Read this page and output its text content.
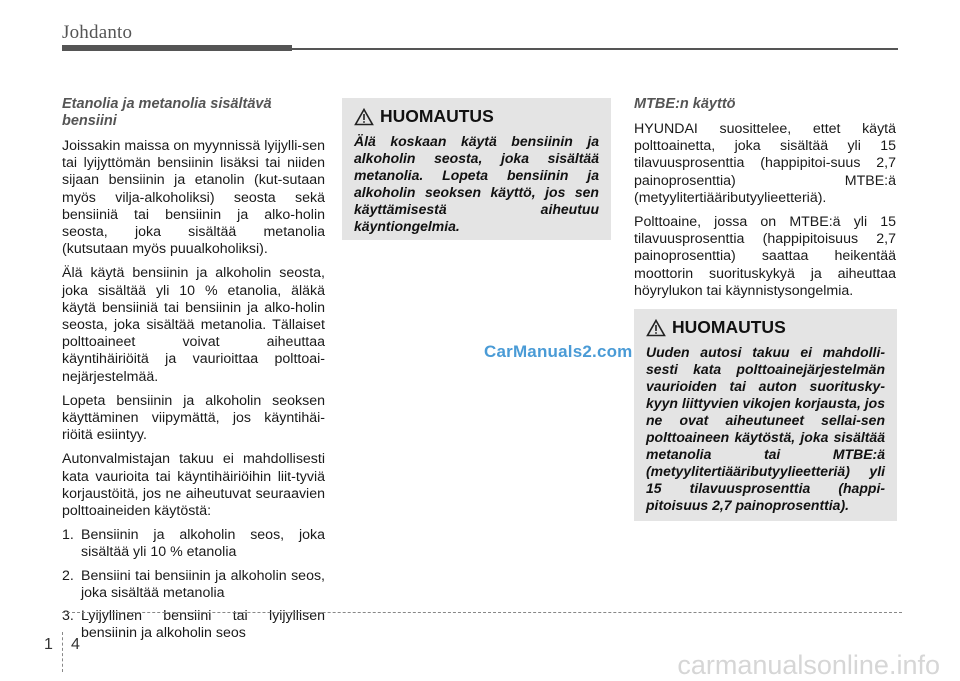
Johdanto
Etanolia ja metanolia sisältävä bensiini

Joissakin maissa on myynnissä lyijylli-sen tai lyijyttömän bensiinin lisäksi tai niiden sijaan bensiinin ja etanolin (kut-sutaan myös vilja-alkoholiksi) seosta sekä bensiiniä tai bensiinin ja alko-holin seosta, joka sisältää metanolia (kutsutaan myös puualkoholiksi).

Älä käytä bensiinin ja alkoholin seosta, joka sisältää yli 10 % etanolia, äläkä käytä bensiiniä tai bensiinin ja alko-holin seosta, joka sisältää metanolia. Tällaiset polttoaineet voivat aiheuttaa käyntihäiriöitä ja vaurioittaa polttoai-nejärjestelmää.

Lopeta bensiinin ja alkoholin seoksen käyttäminen viipymättä, jos käyntihäi-riöitä esiintyy.

Autonvalmistajan takuu ei mahdollisesti kata vaurioita tai käyntihäiriöihin liit-tyviä korjaustöitä, jos ne aiheutuvat seuraavien polttoaineiden käytöstä:

1. Bensiinin ja alkoholin seos, joka sisältää yli 10 % etanolia
2. Bensiini tai bensiinin ja alkoholin seos, joka sisältää metanolia
3. Lyijyllinen bensiini tai lyijyllisen bensiinin ja alkoholin seos
HUOMAUTUS
Älä koskaan käytä bensiinin ja alkoholin seosta, joka sisältää metanolia. Lopeta bensiinin ja alkoholin seoksen käyttö, jos sen käyttämisestä aiheutuu käyntiongelmia.
MTBE:n käyttö

HYUNDAI suosittelee, ettet käytä polttoainetta, joka sisältää yli 15 tilavuusprosenttia (happipitoi-suus 2,7 painoprosenttia) MTBE:ä (metyylitertiääributyylieetteriä).

Polttoaine, jossa on MTBE:ä yli 15 tilavuusprosenttia (happipitoisuus 2,7 painoprosenttia) saattaa heikentää moottorin suorituskykyä ja aiheuttaa höyrylukon tai käynnistysongelmia.

HUOMAUTUS
Uuden autosi takuu ei mahdolli-sesti kata polttoainejärjestelmän vaurioiden tai auton suoritusky-kyyn liittyvien vikojen korjausta, jos ne ovat aiheutuneet sellai-sen polttoaineen käytöstä, joka sisältää metanolia tai MTBE:ä (metyylitertiääributyylieetteriä) yli 15 tilavuusprosenttia (happi-pitoisuus 2,7 painoprosenttia).
CarManuals2.com
1 4
carmanualsonline.info
